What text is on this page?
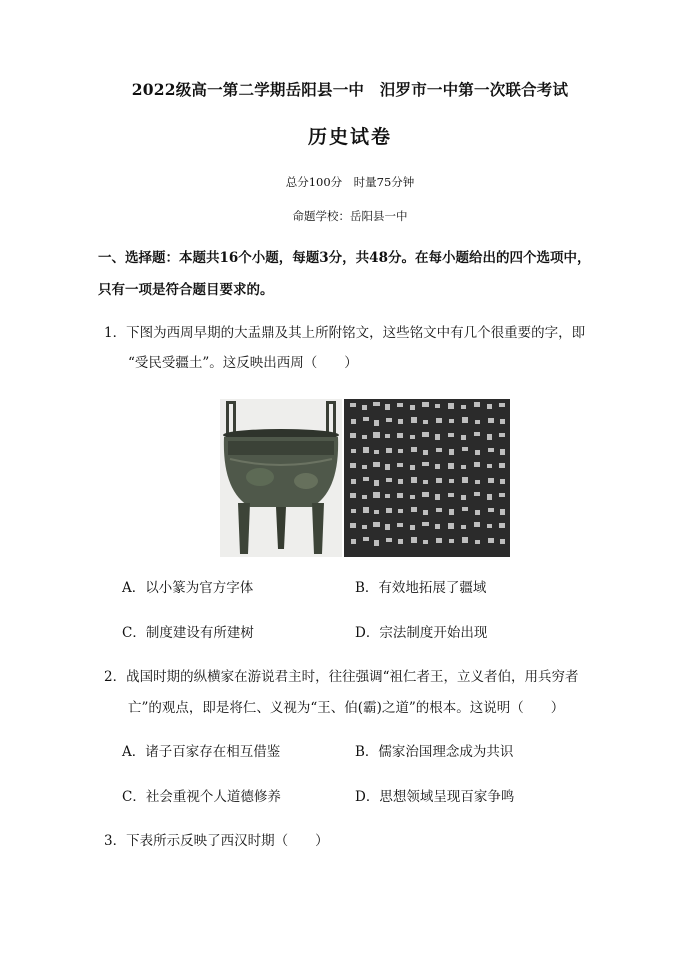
2022级高一第二学期岳阳县一中　汨罗市一中第一次联合考试
历史试卷
总分100分　时量75分钟
命题学校：岳阳县一中
一、选择题：本题共16个小题，每题3分，共48分。在每小题给出的四个选项中，
只有一项是符合题目要求的。
1．下图为西周早期的大盂鼎及其上所附铭文，这些铭文中有几个很重要的字，即
“受民受疆土”。这反映出西周（　　）
A．以小篆为官方字体	B．有效地拓展了疆域
C．制度建设有所建树	D．宗法制度开始出现
2．战国时期的纵横家在游说君主时，往往强调“祖仁者王，立义者伯，用兵穷者
亡”的观点，即是将仁、义视为“王、伯(霸)之道”的根本。这说明（　　）
A．诸子百家存在相互借鉴	B．儒家治国理念成为共识
C．社会重视个人道德修养	D．思想领域呈现百家争鸣
3．下表所示反映了西汉时期（　　）
